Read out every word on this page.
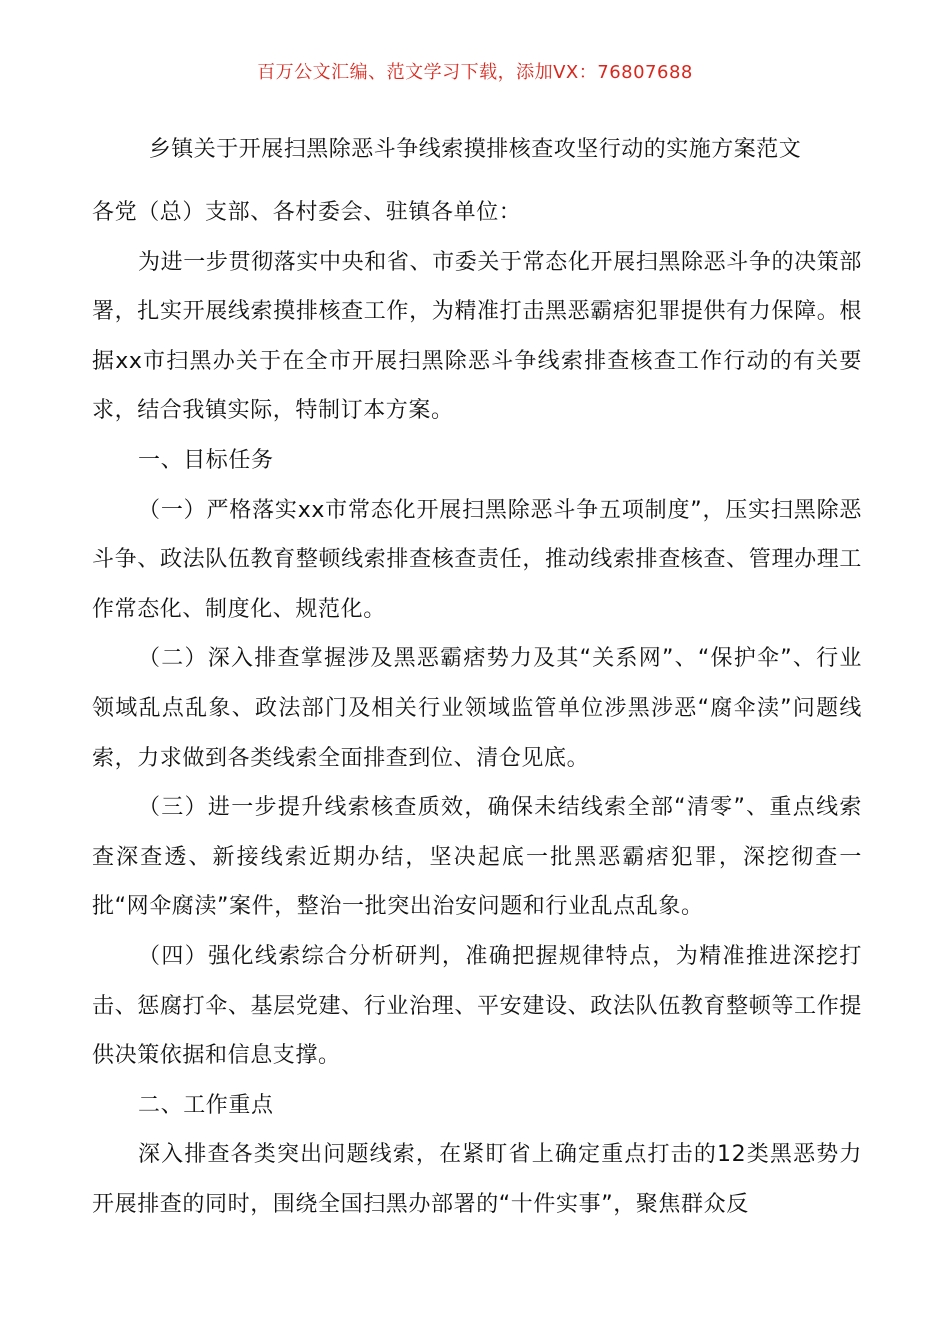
百万公文汇编、范文学习下载，添加VX：76807688
乡镇关于开展扫黑除恶斗争线索摸排核查攻坚行动的实施方案范文

各党（总）支部、各村委会、驻镇各单位：

为进一步贯彻落实中央和省、市委关于常态化开展扫黑除恶斗争的决策部署，扎实开展线索摸排核查工作，为精准打击黑恶霸痞犯罪提供有力保障。根据xx市扫黑办关于在全市开展扫黑除恶斗争线索排查核查工作行动的有关要求，结合我镇实际，特制订本方案。

一、目标任务

（一）严格落实xx市常态化开展扫黑除恶斗争五项制度”，压实扫黑除恶斗争、政法队伍教育整顿线索排查核查责任，推动线索排查核查、管理办理工作常态化、制度化、规范化。

（二）深入排查掌握涉及黑恶霸痞势力及其“关系网”、“保护伞”、行业领域乱点乱象、政法部门及相关行业领域监管单位涉黑涉恶“腐伞渎”问题线索，力求做到各类线索全面排查到位、清仓见底。

（三）进一步提升线索核查质效，确保未结线索全部“清零”、重点线索查深查透、新接线索近期办结，坚决起底一批黑恶霸痞犯罪，深挖彻查一批“网伞腐渎”案件，整治一批突出治安问题和行业乱点乱象。

（四）强化线索综合分析研判，准确把握规律特点，为精准推进深挖打击、惩腐打伞、基层党建、行业治理、平安建设、政法队伍教育整顿等工作提供决策依据和信息支撑。

二、工作重点

深入排查各类突出问题线索，在紧盯省上确定重点打击的12类黑恶势力开展排查的同时，围绕全国扫黑办部署的“十件实事”，聚焦群众反
